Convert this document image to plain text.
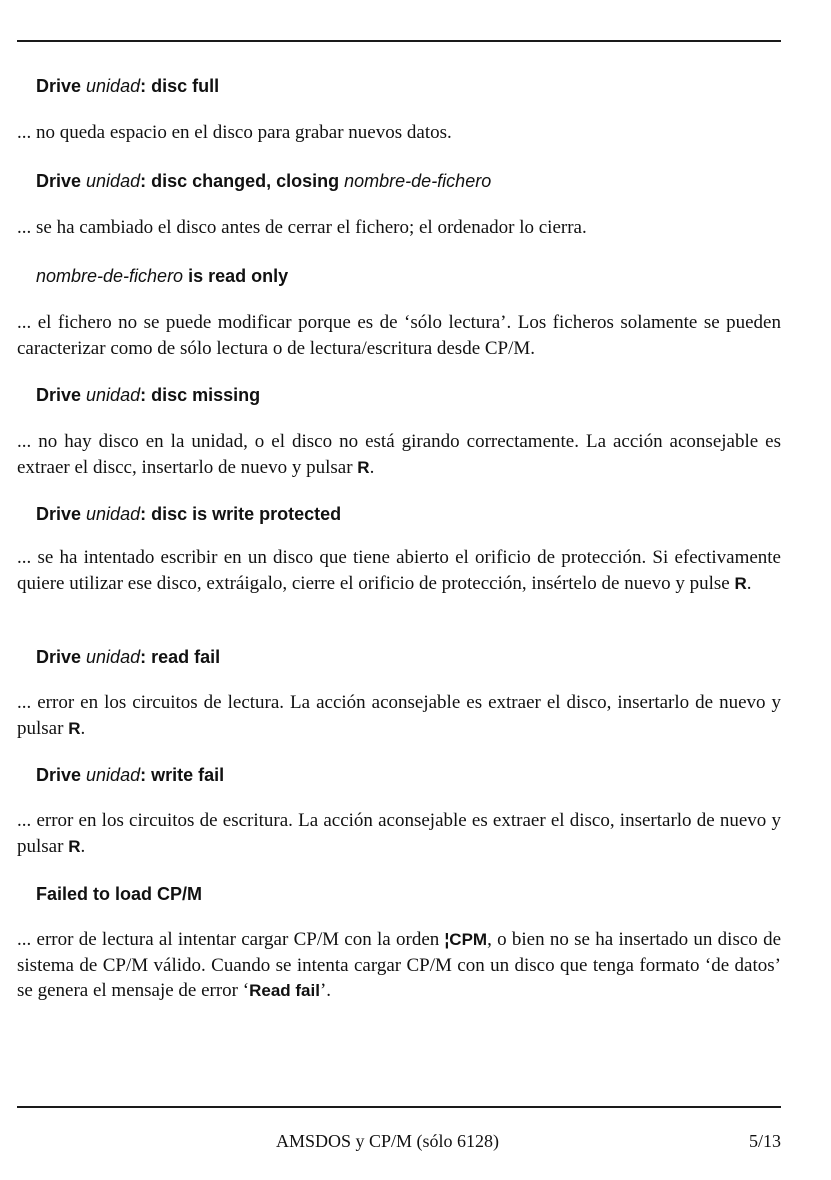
Drive unidad: disc full
... no queda espacio en el disco para grabar nuevos datos.
Drive unidad: disc changed, closing nombre-de-fichero
... se ha cambiado el disco antes de cerrar el fichero; el ordenador lo cierra.
nombre-de-fichero is read only
... el fichero no se puede modificar porque es de ‘sólo lectura’. Los ficheros solamente se pueden caracterizar como de sólo lectura o de lectura/escritura desde CP/M.
Drive unidad: disc missing
... no hay disco en la unidad, o el disco no está girando correctamente. La acción aconsejable es extraer el discc, insertarlo de nuevo y pulsar R.
Drive unidad: disc is write protected
... se ha intentado escribir en un disco que tiene abierto el orificio de protección. Si efectivamente quiere utilizar ese disco, extráigalo, cierre el orificio de protección, insértelo de nuevo y pulse R.
Drive unidad: read fail
... error en los circuitos de lectura. La acción aconsejable es extraer el disco, insertarlo de nuevo y pulsar R.
Drive unidad: write fail
... error en los circuitos de escritura. La acción aconsejable es extraer el disco, insertarlo de nuevo y pulsar R.
Failed to load CP/M
... error de lectura al intentar cargar CP/M con la orden ¦CPM, o bien no se ha insertado un disco de sistema de CP/M válido. Cuando se intenta cargar CP/M con un disco que tenga formato ‘de datos’ se genera el mensaje de error ‘Read fail’.
AMSDOS y CP/M (sólo 6128)	5/13
